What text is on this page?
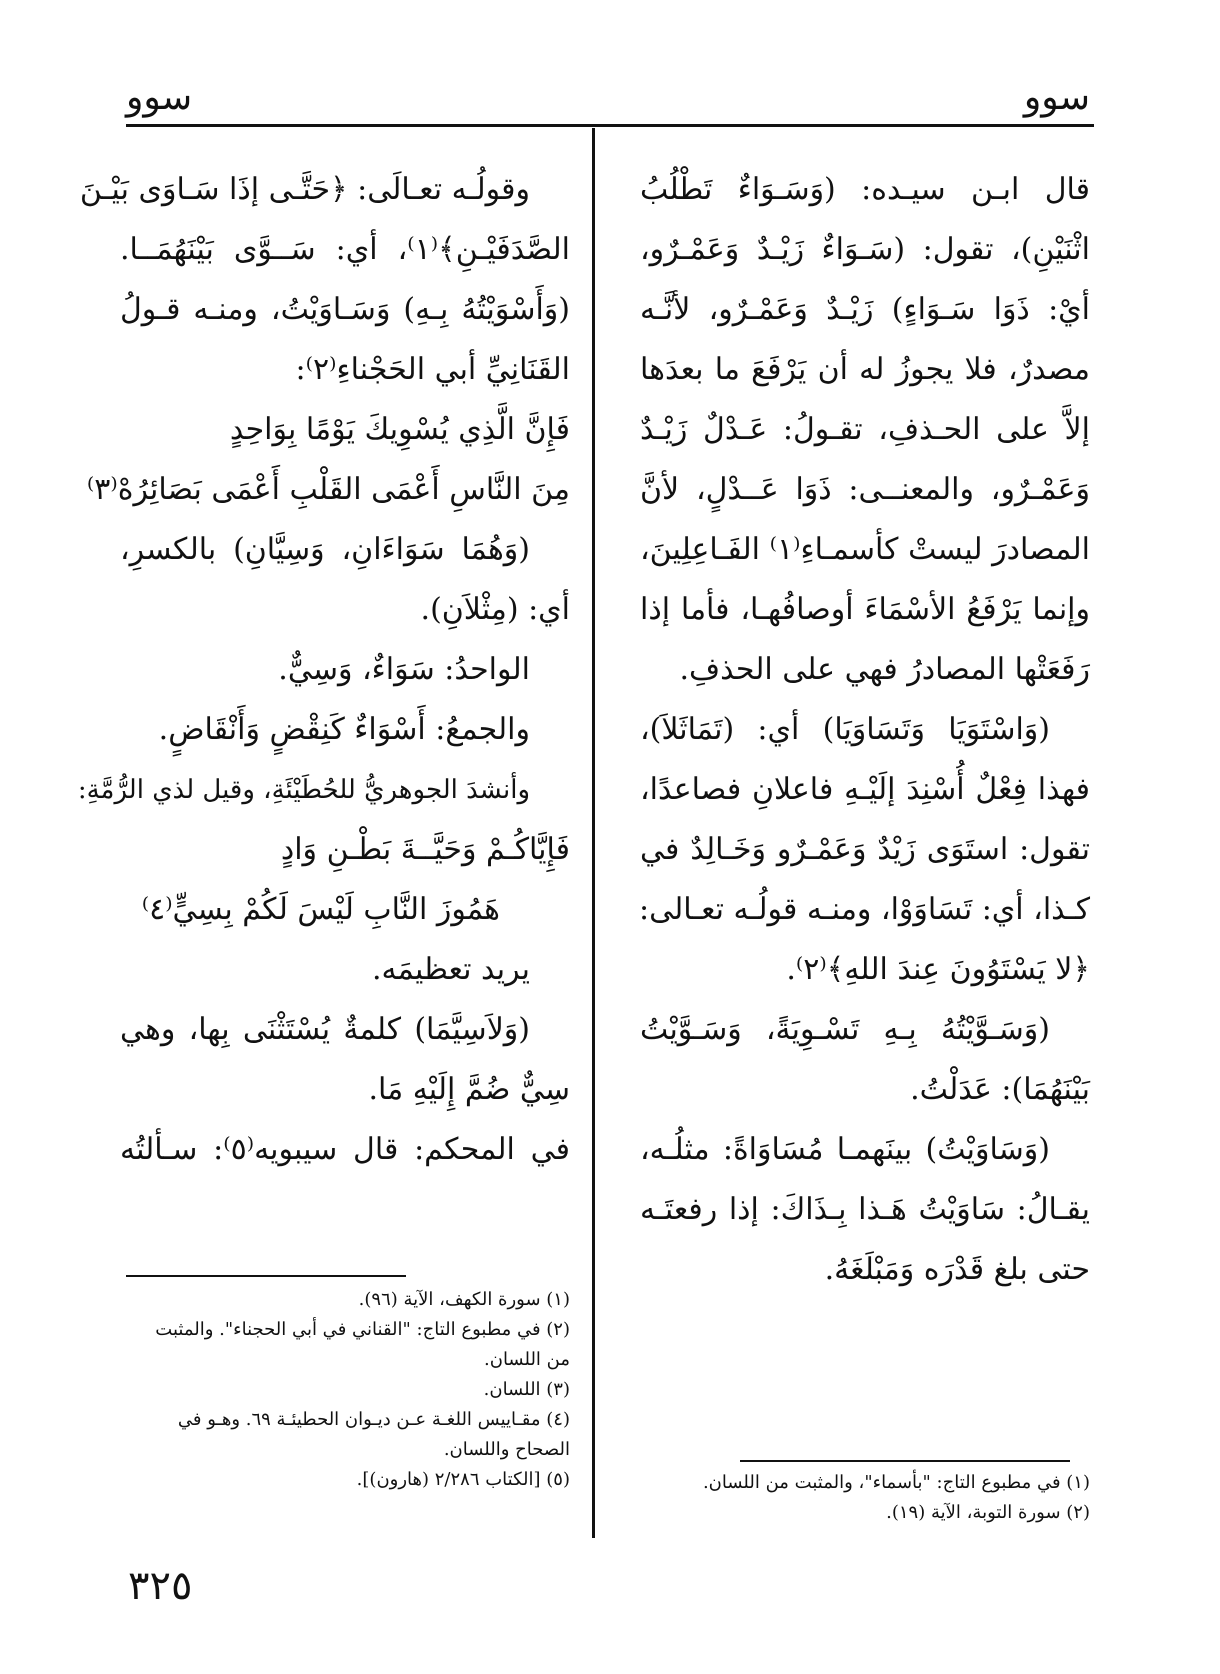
سوو
سوو
قال ابـن سيـده: (وَسَـوَاءٌ تَطْلُبُ
اثْنَيْنِ)، تقول: (سَـوَاءٌ زَيْـدٌ وَعَمْـرٌو،
أيْ: ذَوَا سَـوَاءٍ) زَيْـدٌ وَعَمْـرٌو، لأنَّـه
مصدرٌ، فلا يجوزُ له أن يَرْفَعَ ما بعدَها
إلاَّ على الحـذفِ، تقـولُ: عَـدْلٌ زَيْـدٌ
وَعَمْـرٌو، والمعنــى: ذَوَا عَــدْلٍ، لأنَّ
المصادرَ ليستْ كأسمـاءِ⁽١⁾ الفَـاعِلِينَ،
وإنما يَرْفَعُ الأسْمَاءَ أوصافُهـا، فأما إذا
رَفَعَتْها المصادرُ فهي على الحذفِ.
(وَاسْتَوَيَا وَتَسَاوَيَا) أي: (تَمَاثَلاَ)،
فهذا فِعْلٌ أُسْنِدَ إلَيْـهِ فاعلانِ فصاعدًا،
تقول: استَوَى زَيْدٌ وَعَمْـرٌو وَخَـالِدٌ في
كـذا، أي: تَسَاوَوْا، ومنـه قولُـه تعـالى:
﴿لا يَسْتَوُونَ عِندَ اللهِ﴾⁽٢⁾.
(وَسَـوَّيْتُهُ بِـهِ تَسْـوِيَةً، وَسَـوَّيْتُ
بَيْنَهُمَا): عَدَلْتُ.
(وَسَاوَيْتُ) بينَهمـا مُسَاوَاةً: مثلُـه،
يقـالُ: سَاوَيْتُ هَـذا بِـذَاكَ: إذا رفعتَـه
حتى بلغ قَدْرَه وَمَبْلَغَهُ.
وقولُـه تعـالَى: ﴿حَتَّـى إذَا سَـاوَى بَيْـنَ
الصَّدَفَيْـنِ﴾⁽١⁾، أي: سَــوَّى بَيْنَهُمَــا.
(وَأَسْوَيْتُهُ بِـهِ) وَسَـاوَيْتُ، ومنـه قـولُ
القَنَانِيِّ أبي الحَجْناءِ⁽٢⁾:
فَإِنَّ الَّذِي يُسْوِيكَ يَوْمًا بِوَاحِدٍ
مِنَ النَّاسِ أَعْمَى القَلْبِ أَعْمَى بَصَائِرُهْ⁽٣⁾
(وَهُمَا سَوَاءَانِ، وَسِيَّانِ) بالكسرِ،
أي: (مِثْلاَنِ).
الواحدُ: سَوَاءٌ، وَسِيٌّ.
والجمعُ: أَسْوَاءٌ كَنِقْضٍ وَأَنْقَاضٍ.
وأنشدَ الجوهريُّ للحُطَيْئَةِ، وقيل لذي الرُّمَّةِ:
فَإِيَّاكُـمْ وَحَيَّــةَ بَطْـنِ وَادٍ
هَمُوزَ النَّابِ لَيْسَ لَكُمْ بِسِيٍّ⁽٤⁾
يريد تعظيمَه.
(وَلاَسِيَّمَا) كلمةٌ يُسْتَثْنَى بِها، وهي
سِيٌّ ضُمَّ إِلَيْهِ مَا.
في المحكم: قال سيبويه⁽٥⁾: سـألتُه
(١) سورة الكهف، الآية (٩٦).
(٢) في مطبوع التاج: "القناني في أبي الحجناء". والمثبت
من اللسان.
(٣) اللسان.
(٤) مقـاييس اللغـة عـن ديـوان الحطيئـة ٦٩. وهـو في
الصحاح واللسان.
(٥) [الكتاب ٢/٢٨٦ (هارون)].	(١) في مطبوع التاج: "بأسماء"، والمثبت من اللسان.
(٢) سورة التوبة، الآية (١٩).
٣٢٥
